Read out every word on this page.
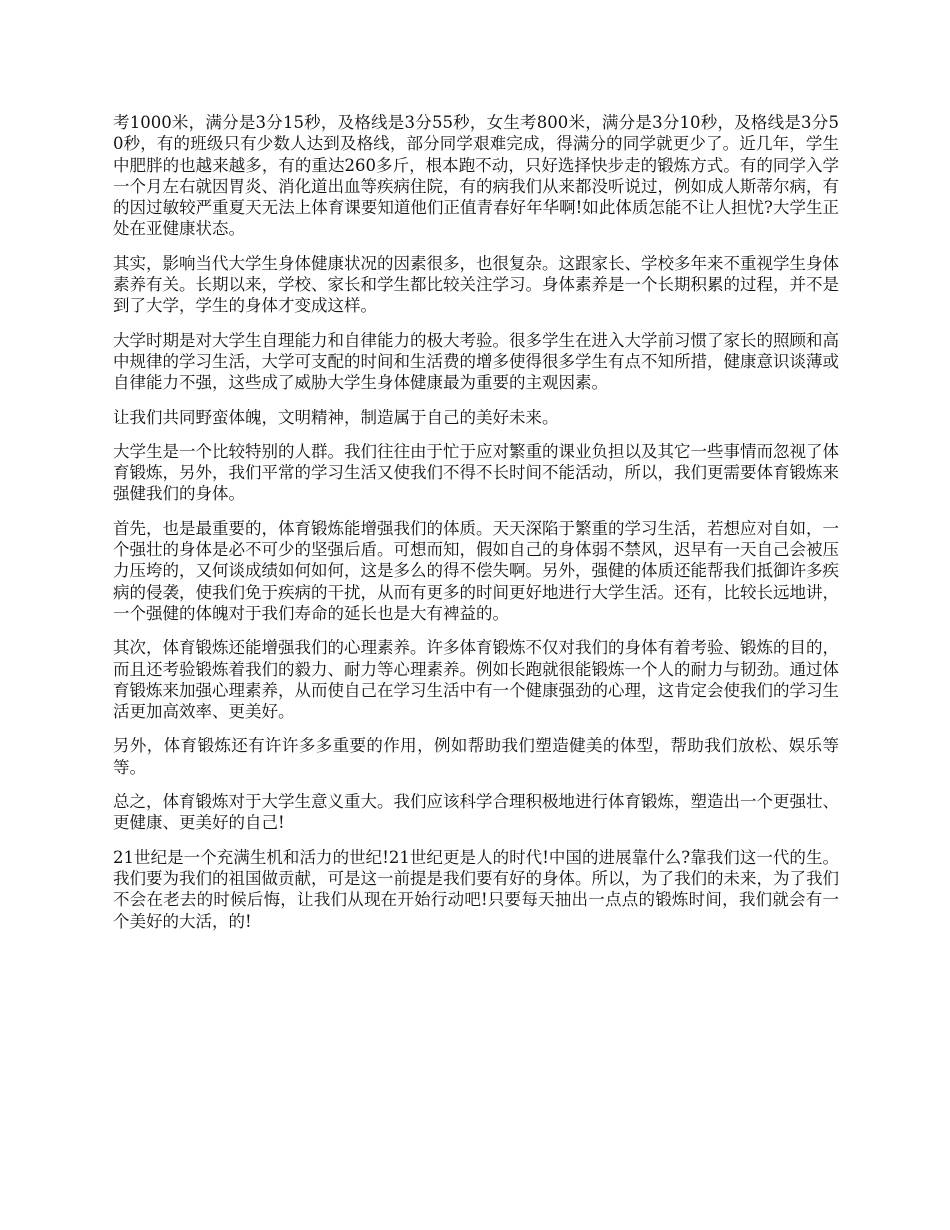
考1000米，满分是3分15秒，及格线是3分55秒，女生考800米，满分是3分10秒，及格线是3分50秒，有的班级只有少数人达到及格线，部分同学艰难完成，得满分的同学就更少了。近几年，学生中肥胖的也越来越多，有的重达260多斤，根本跑不动，只好选择快步走的锻炼方式。有的同学入学一个月左右就因胃炎、消化道出血等疾病住院，有的病我们从来都没听说过，例如成人斯蒂尔病，有的因过敏较严重夏天无法上体育课要知道他们正值青春好年华啊!如此体质怎能不让人担忧?大学生正处在亚健康状态。

其实，影响当代大学生身体健康状况的因素很多，也很复杂。这跟家长、学校多年来不重视学生身体素养有关。长期以来，学校、家长和学生都比较关注学习。身体素养是一个长期积累的过程，并不是到了大学，学生的身体才变成这样。

大学时期是对大学生自理能力和自律能力的极大考验。很多学生在进入大学前习惯了家长的照顾和高中规律的学习生活，大学可支配的时间和生活费的增多使得很多学生有点不知所措，健康意识谈薄或自律能力不强，这些成了威胁大学生身体健康最为重要的主观因素。

让我们共同野蛮体魄，文明精神，制造属于自己的美好未来。

大学生是一个比较特别的人群。我们往往由于忙于应对繁重的课业负担以及其它一些事情而忽视了体育锻炼，另外，我们平常的学习生活又使我们不得不长时间不能活动，所以，我们更需要体育锻炼来强健我们的身体。

首先，也是最重要的，体育锻炼能增强我们的体质。天天深陷于繁重的学习生活，若想应对自如，一个强壮的身体是必不可少的坚强后盾。可想而知，假如自己的身体弱不禁风，迟早有一天自己会被压力压垮的，又何谈成绩如何如何，这是多么的得不偿失啊。另外，强健的体质还能帮我们抵御许多疾病的侵袭，使我们免于疾病的干扰，从而有更多的时间更好地进行大学生活。还有，比较长远地讲，一个强健的体魄对于我们寿命的延长也是大有裨益的。

其次，体育锻炼还能增强我们的心理素养。许多体育锻炼不仅对我们的身体有着考验、锻炼的目的，而且还考验锻炼着我们的毅力、耐力等心理素养。例如长跑就很能锻炼一个人的耐力与韧劲。通过体育锻炼来加强心理素养，从而使自己在学习生活中有一个健康强劲的心理，这肯定会使我们的学习生活更加高效率、更美好。

另外，体育锻炼还有许许多多重要的作用，例如帮助我们塑造健美的体型，帮助我们放松、娱乐等等。

总之，体育锻炼对于大学生意义重大。我们应该科学合理积极地进行体育锻炼，塑造出一个更强壮、更健康、更美好的自己!

21世纪是一个充满生机和活力的世纪!21世纪更是人的时代!中国的进展靠什么?靠我们这一代的生。我们要为我们的祖国做贡献，可是这一前提是我们要有好的身体。所以，为了我们的未来，为了我们不会在老去的时候后悔，让我们从现在开始行动吧!只要每天抽出一点点的锻炼时间，我们就会有一个美好的大活，的!
